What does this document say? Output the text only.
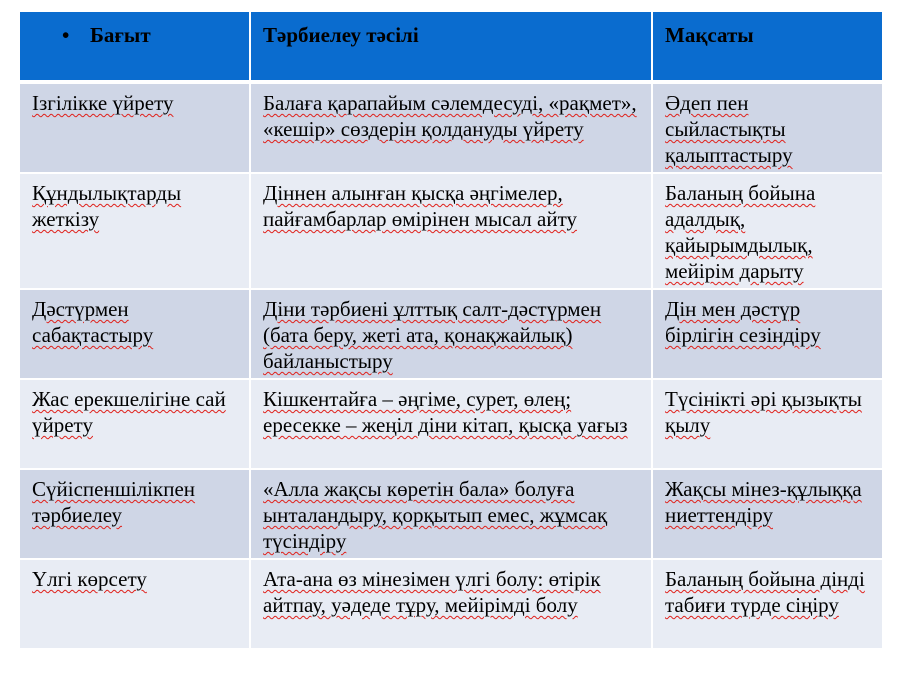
• Бағыт	Тәрбиелеу тәсілі	Мақсаты
Ізгілікке үйрету	Балаға қарапайым сәлемдесуді, «рақмет», «кешір» сөздерін қолдануды үйрету	Әдеп пен сыйластықты қалыптастыру
Құндылықтарды жеткізу	Діннен алынған қысқа әңгімелер, пайғамбарлар өмірінен мысал айту	Баланың бойына адалдық, қайырымдылық, мейірім дарыту
Дәстүрмен сабақтастыру	Діни тәрбиені ұлттық салт-дәстүрмен (бата беру, жеті ата, қонақжайлық) байланыстыру	Дін мен дәстүр бірлігін сезіндіру
Жас ерекшелігіне сай үйрету	Кішкентайға – әңгіме, сурет, өлең; ересекке – жеңіл діни кітап, қысқа уағыз	Түсінікті әрі қызықты қылу
Сүйіспеншілікпен тәрбиелеу	«Алла жақсы көретін бала» болуға ынталандыру, қорқытып емес, жұмсақ түсіндіру	Жақсы мінез-құлыққа ниеттендіру
Үлгі көрсету	Ата-ана өз мінезімен үлгі болу: өтірік айтпау, уәдеде тұру, мейірімді болу	Баланың бойына дінді табиғи түрде сіңіру
